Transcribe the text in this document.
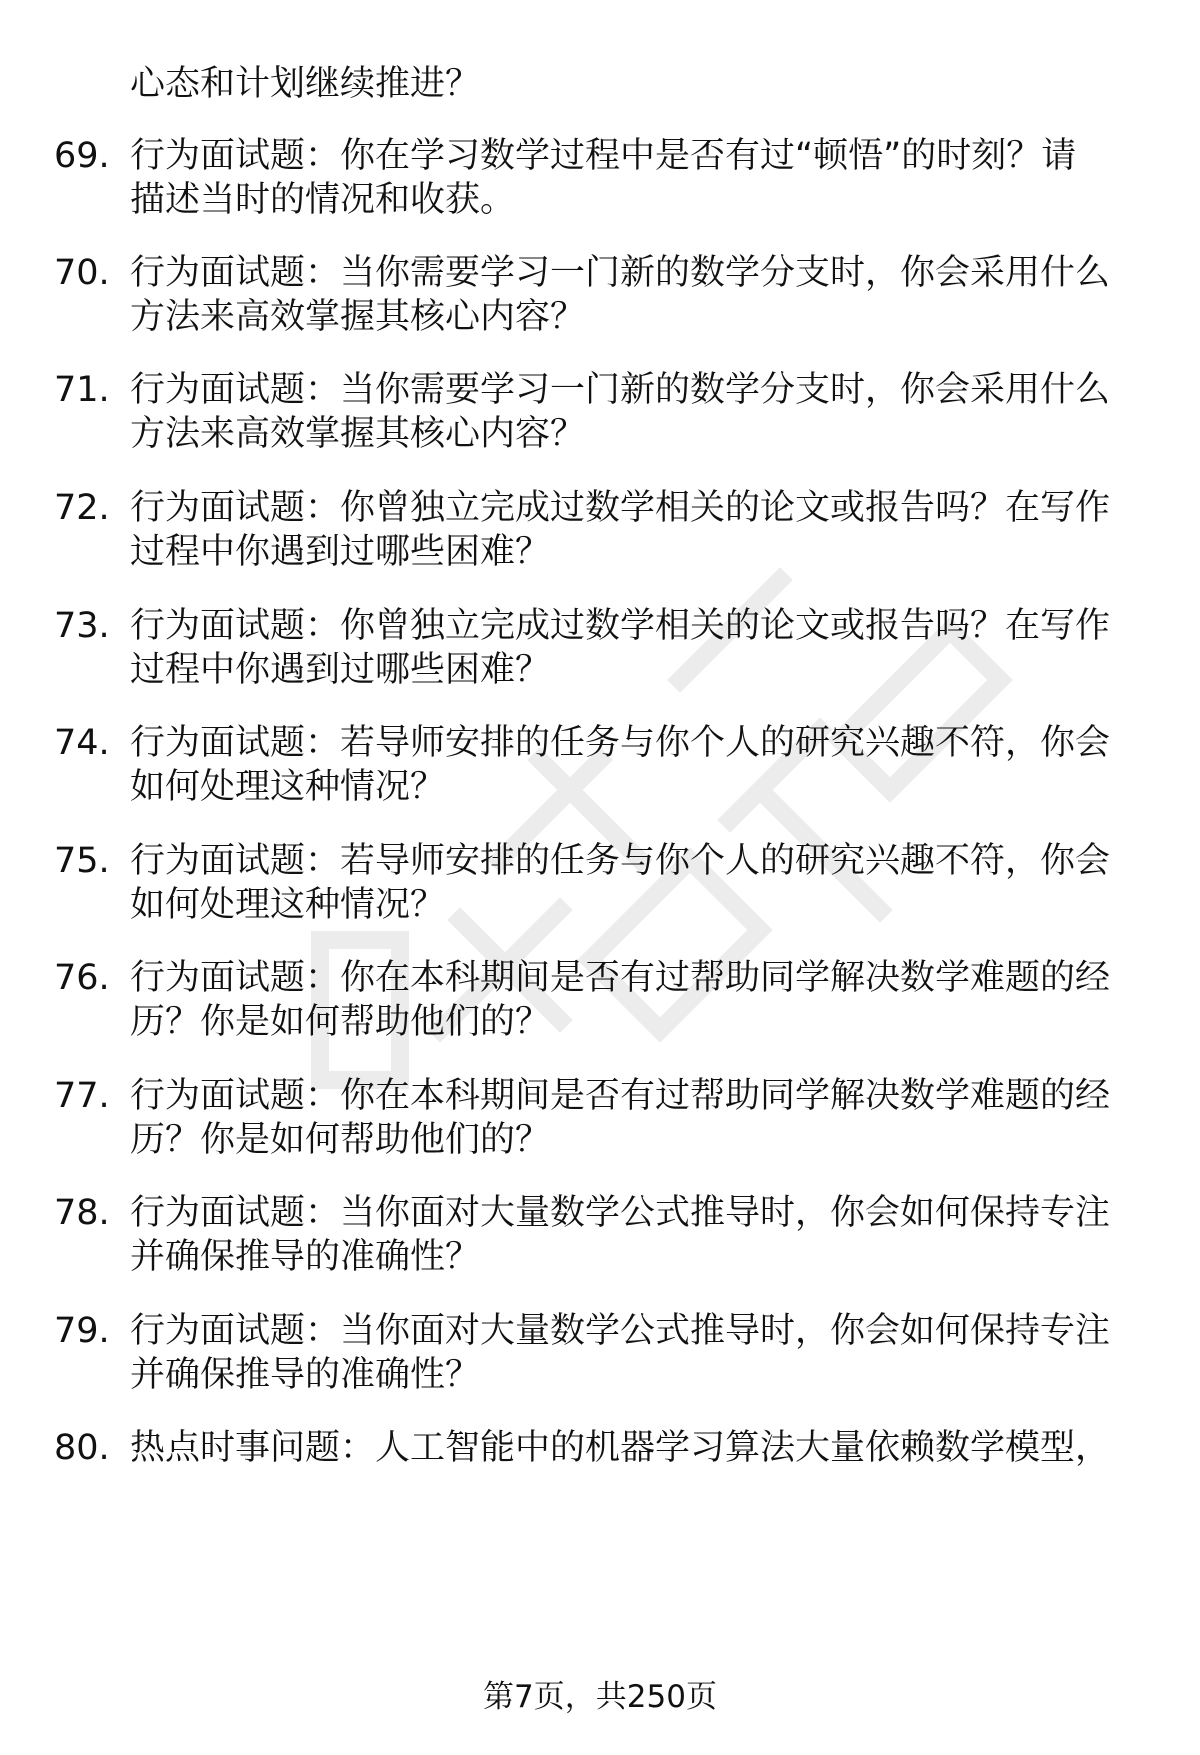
心态和计划继续推进？
69. 行为面试题：你在学习数学过程中是否有过“顿悟”的时刻？请
描述当时的情况和收获。
70. 行为面试题：当你需要学习一门新的数学分支时，你会采用什么
方法来高效掌握其核心内容？
71. 行为面试题：当你需要学习一门新的数学分支时，你会采用什么
方法来高效掌握其核心内容？
72. 行为面试题：你曾独立完成过数学相关的论文或报告吗？在写作
过程中你遇到过哪些困难？
73. 行为面试题：你曾独立完成过数学相关的论文或报告吗？在写作
过程中你遇到过哪些困难？
74. 行为面试题：若导师安排的任务与你个人的研究兴趣不符，你会
如何处理这种情况？
75. 行为面试题：若导师安排的任务与你个人的研究兴趣不符，你会
如何处理这种情况？
76. 行为面试题：你在本科期间是否有过帮助同学解决数学难题的经
历？你是如何帮助他们的？
77. 行为面试题：你在本科期间是否有过帮助同学解决数学难题的经
历？你是如何帮助他们的？
78. 行为面试题：当你面对大量数学公式推导时，你会如何保持专注
并确保推导的准确性？
79. 行为面试题：当你面对大量数学公式推导时，你会如何保持专注
并确保推导的准确性？
80. 热点时事问题：人工智能中的机器学习算法大量依赖数学模型，
第7页，共250页
